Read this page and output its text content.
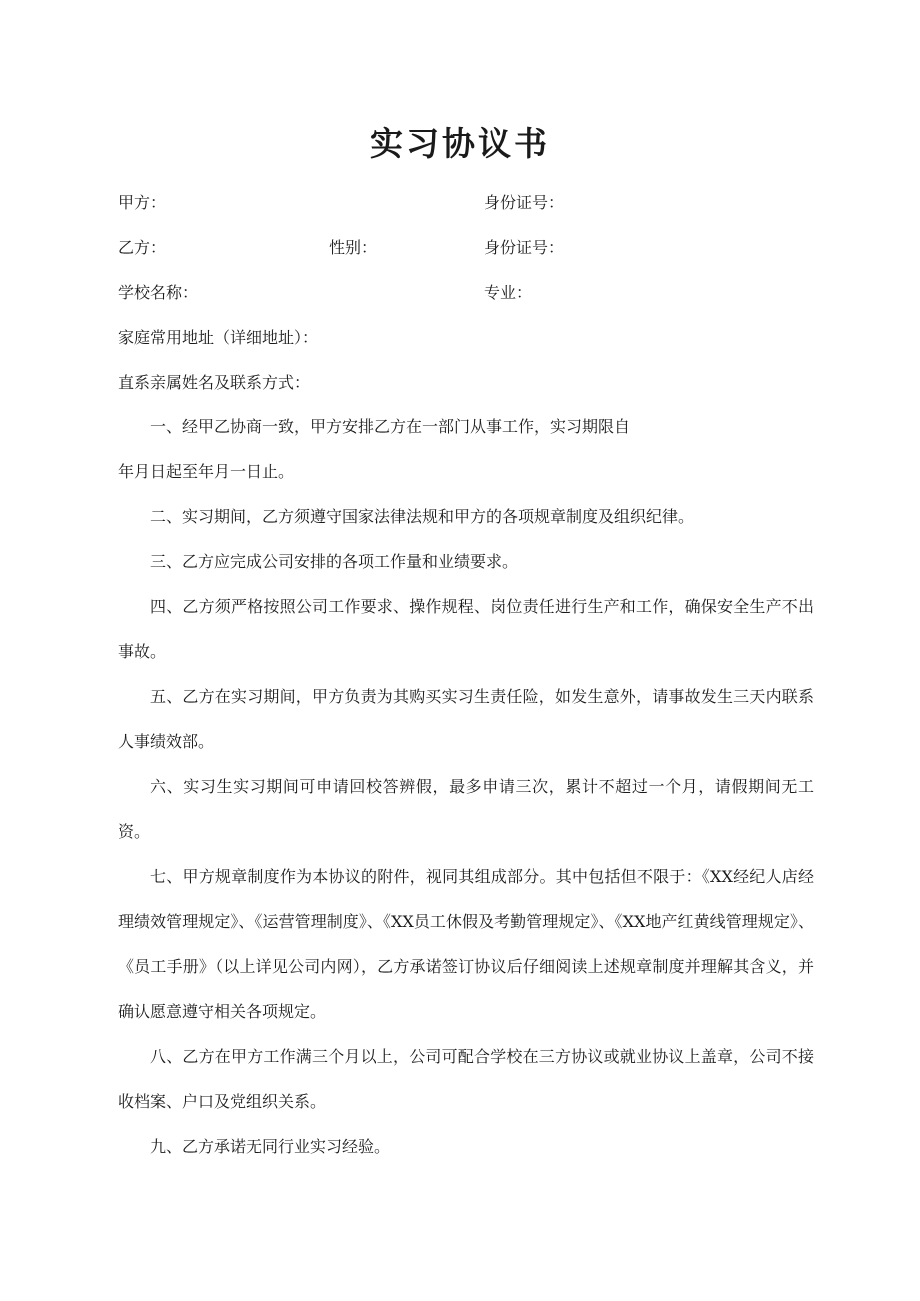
实习协议书
甲方：	身份证号：
乙方：	性别：	身份证号：
学校名称：	专业：
家庭常用地址（详细地址）：
直系亲属姓名及联系方式：
一、经甲乙协商一致，甲方安排乙方在一部门从事工作，实习期限自
年月日起至年月一日止。
二、实习期间，乙方须遵守国家法律法规和甲方的各项规章制度及组织纪律。
三、乙方应完成公司安排的各项工作量和业绩要求。
四、乙方须严格按照公司工作要求、操作规程、岗位责任进行生产和工作，确保安全生产不出事故。
五、乙方在实习期间，甲方负责为其购买实习生责任险，如发生意外，请事故发生三天内联系人事绩效部。
六、实习生实习期间可申请回校答辨假，最多申请三次，累计不超过一个月，请假期间无工资。
七、甲方规章制度作为本协议的附件，视同其组成部分。其中包括但不限于：《XX经纪人店经理绩效管理规定》、《运营管理制度》、《XX员工休假及考勤管理规定》、《XX地产红黄线管理规定》、《员工手册》（以上详见公司内网），乙方承诺签订协议后仔细阅读上述规章制度并理解其含义，并确认愿意遵守相关各项规定。
八、乙方在甲方工作满三个月以上，公司可配合学校在三方协议或就业协议上盖章，公司不接收档案、户口及党组织关系。
九、乙方承诺无同行业实习经验。
